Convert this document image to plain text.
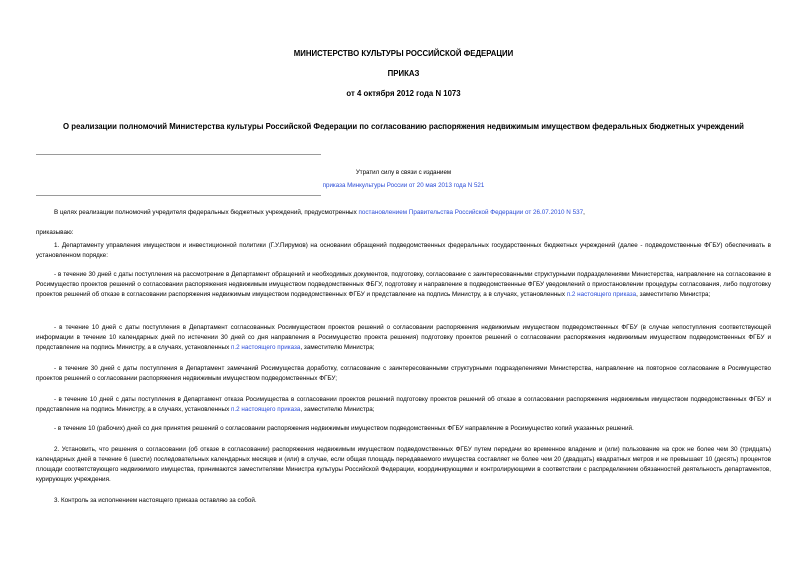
МИНИСТЕРСТВО КУЛЬТУРЫ РОССИЙСКОЙ ФЕДЕРАЦИИ
ПРИКАЗ
от 4 октября 2012 года N 1073
О реализации полномочий Министерства культуры Российской Федерации по согласованию распоряжения недвижимым имуществом федеральных бюджетных учреждений
Утратил силу в связи с изданием
приказа Минкультуры России от 20 мая 2013 года N 521
В целях реализации полномочий учредителя федеральных бюджетных учреждений, предусмотренных постановлением Правительства Российской Федерации от 26.07.2010 N 537,
приказываю:
1. Департаменту управления имуществом и инвестиционной политики (Г.У.Пирумов) на основании обращений подведомственных федеральных государственных бюджетных учреждений (далее - подведомственные ФГБУ) обеспечивать в установленном порядке:
- в течение 30 дней с даты поступления на рассмотрение в Департамент обращений и необходимых документов, подготовку, согласование с заинтересованными структурными подразделениями Министерства, направление на согласование в Росимущество проектов решений о согласовании распоряжения недвижимым имуществом подведомственных ФБГУ, подготовку и направление в подведомственные ФГБУ уведомлений о приостановлении процедуры согласования, либо подготовку проектов решений об отказе в согласовании распоряжения недвижимым имуществом подведомственных ФГБУ и представление на подпись Министру, а в случаях, установленных п.2 настоящего приказа, заместителю Министра;
- в течение 10 дней с даты поступления в Департамент согласованных Росимуществом проектов решений о согласовании распоряжения недвижимым имуществом подведомственных ФГБУ (в случае непоступления соответствующей информации в течение 10 календарных дней по истечении 30 дней со дня направления в Росимущество проекта решения) подготовку проектов решений о согласовании распоряжения недвижимым имуществом подведомственных ФГБУ и представление на подпись Министру, а в случаях, установленных п.2 настоящего приказа, заместителю Министра;
- в течение 30 дней с даты поступления в Департамент замечаний Росимущества доработку, согласование с заинтересованными структурными подразделениями Министерства, направление на повторное согласование в Росимущество проектов решений о согласовании распоряжения недвижимым имуществом подведомственных ФГБУ;
- в течение 10 дней с даты поступления в Департамент отказа Росимущества в согласовании проектов решений подготовку проектов решений об отказе в согласовании распоряжения недвижимым имуществом подведомственных ФГБУ и представление на подпись Министру, а в случаях, установленных п.2 настоящего приказа, заместителю Министра;
- в течение 10 (рабочих) дней со дня принятия решений о согласовании распоряжения недвижимым имуществом подведомственных ФГБУ направление в Росимущество копий указанных решений.
2. Установить, что решения о согласовании (об отказе в согласовании) распоряжения недвижимым имуществом подведомственных ФГБУ путем передачи во временное владение и (или) пользование на срок не более чем 30 (тридцать) календарных дней в течение 6 (шести) последовательных календарных месяцев и (или) в случае, если общая площадь передаваемого имущества составляет не более чем 20 (двадцать) квадратных метров и не превышает 10 (десять) процентов площади соответствующего недвижимого имущества, принимаются заместителями Министра культуры Российской Федерации, координирующими и контролирующими в соответствии с распределением обязанностей деятельность департаментов, курирующих учреждения.
3. Контроль за исполнением настоящего приказа оставляю за собой.
